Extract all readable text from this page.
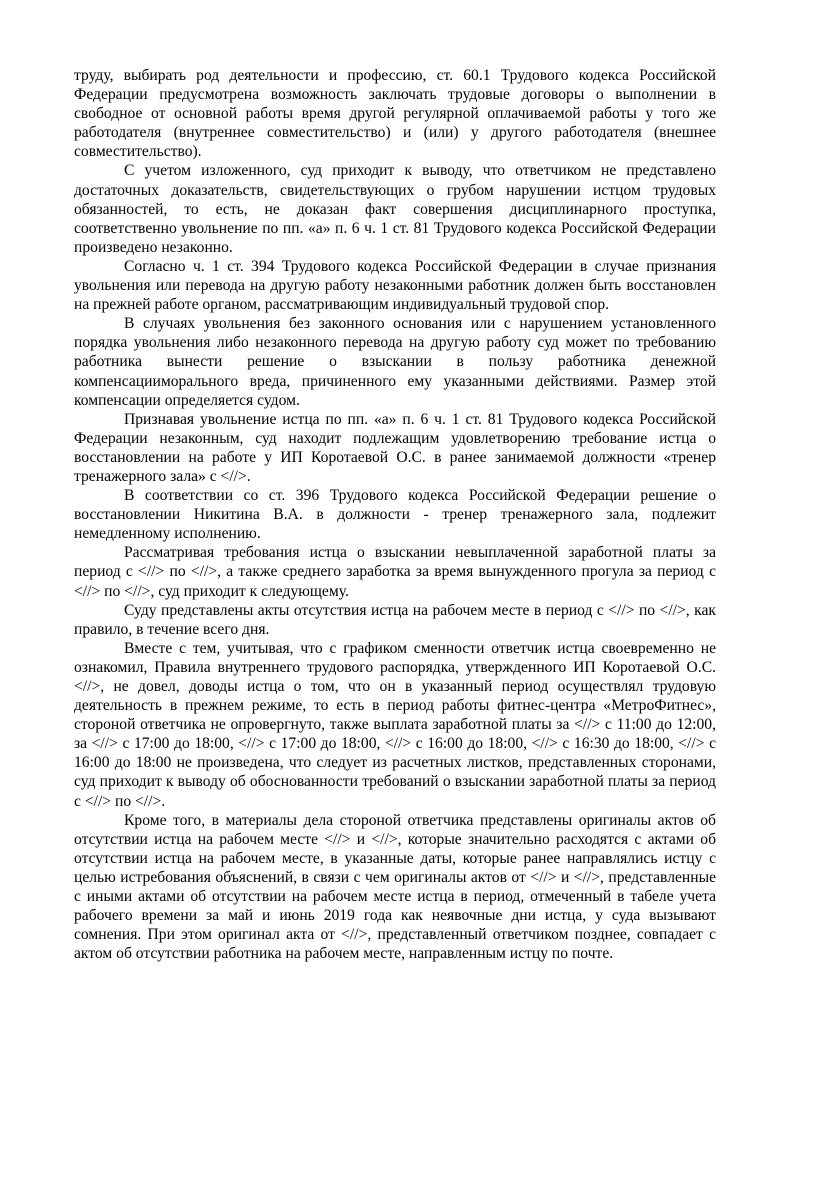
труду, выбирать род деятельности и профессию, ст. 60.1 Трудового кодекса Российской Федерации предусмотрена возможность заключать трудовые договоры о выполнении в свободное от основной работы время другой регулярной оплачиваемой работы у того же работодателя (внутреннее совместительство) и (или) у другого работодателя (внешнее совместительство).

С учетом изложенного, суд приходит к выводу, что ответчиком не представлено достаточных доказательств, свидетельствующих о грубом нарушении истцом трудовых обязанностей, то есть, не доказан факт совершения дисциплинарного проступка, соответственно увольнение по пп. «а» п. 6 ч. 1 ст. 81 Трудового кодекса Российской Федерации произведено незаконно.

Согласно ч. 1 ст. 394 Трудового кодекса Российской Федерации в случае признания увольнения или перевода на другую работу незаконными работник должен быть восстановлен на прежней работе органом, рассматривающим индивидуальный трудовой спор.

В случаях увольнения без законного основания или с нарушением установленного порядка увольнения либо незаконного перевода на другую работу суд может по требованию работника вынести решение о взыскании в пользу работника денежной компенсацииморального вреда, причиненного ему указанными действиями. Размер этой компенсации определяется судом.

Признавая увольнение истца по пп. «а» п. 6 ч. 1 ст. 81 Трудового кодекса Российской Федерации незаконным, суд находит подлежащим удовлетворению требование истца о восстановлении на работе у ИП Коротаевой О.С. в ранее занимаемой должности «тренер тренажерного зала» с <//>.

В соответствии со ст. 396 Трудового кодекса Российской Федерации решение о восстановлении Никитина В.А. в должности - тренер тренажерного зала, подлежит немедленному исполнению.

Рассматривая требования истца о взыскании невыплаченной заработной платы за период с <//> по <//>, а также среднего заработка за время вынужденного прогула за период с <//> по <//>, суд приходит к следующему.

Суду представлены акты отсутствия истца на рабочем месте в период с <//> по <//>, как правило, в течение всего дня.

Вместе с тем, учитывая, что с графиком сменности ответчик истца своевременно не ознакомил, Правила внутреннего трудового распорядка, утвержденного ИП Коротаевой О.С. <//>, не довел, доводы истца о том, что он в указанный период осуществлял трудовую деятельность в прежнем режиме, то есть в период работы фитнес-центра «МетроФитнес», стороной ответчика не опровергнуто, также выплата заработной платы за <//> с 11:00 до 12:00, за <//> с 17:00 до 18:00, <//> с 17:00 до 18:00, <//> с 16:00 до 18:00, <//> с 16:30 до 18:00, <//> с 16:00 до 18:00 не произведена, что следует из расчетных листков, представленных сторонами, суд приходит к выводу об обоснованности требований о взыскании заработной платы за период с <//> по <//>.

Кроме того, в материалы дела стороной ответчика представлены оригиналы актов об отсутствии истца на рабочем месте <//> и <//>, которые значительно расходятся с актами об отсутствии истца на рабочем месте, в указанные даты, которые ранее направлялись истцу с целью истребования объяснений, в связи с чем оригиналы актов от <//> и <//>, представленные с иными актами об отсутствии на рабочем месте истца в период, отмеченный в табеле учета рабочего времени за май и июнь 2019 года как неявочные дни истца, у суда вызывают сомнения. При этом оригинал акта от <//>, представленный ответчиком позднее, совпадает с актом об отсутствии работника на рабочем месте, направленным истцу по почте.
